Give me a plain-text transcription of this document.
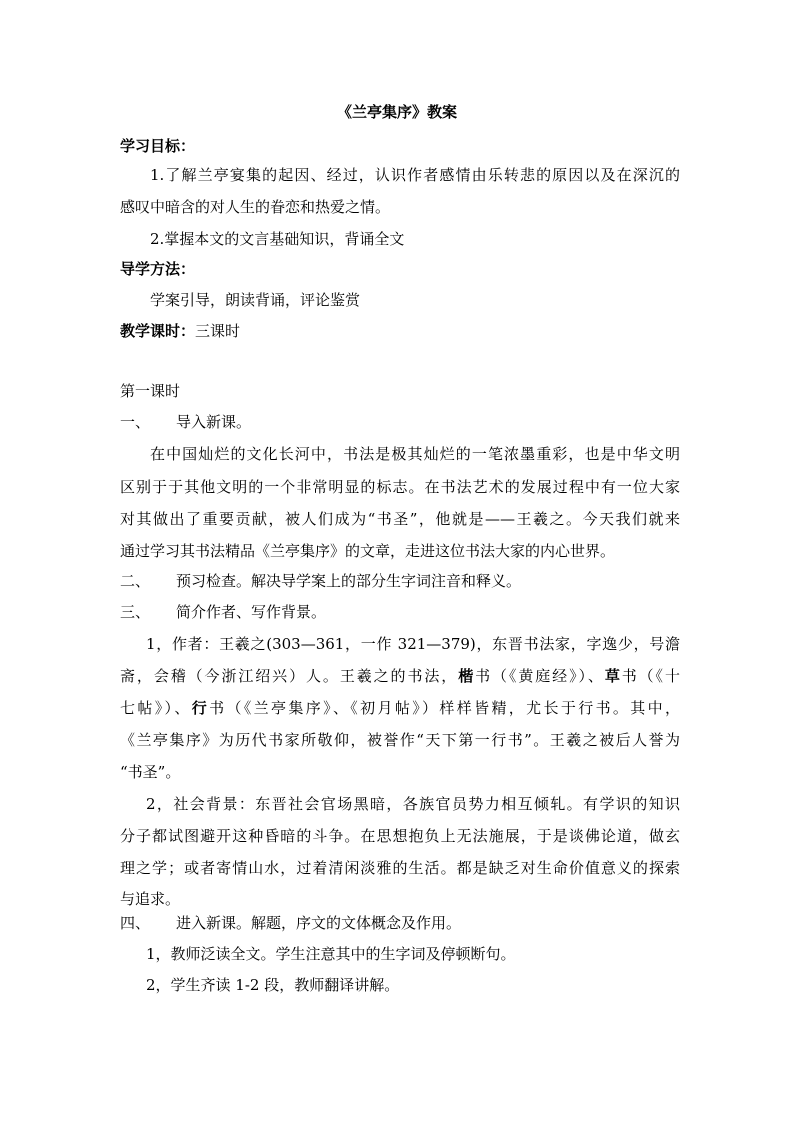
《兰亭集序》教案
学习目标：
1.了解兰亭宴集的起因、经过，认识作者感情由乐转悲的原因以及在深沉的
感叹中暗含的对人生的眷恋和热爱之情。
2.掌握本文的文言基础知识，背诵全文
导学方法：
学案引导，朗读背诵，评论鉴赏
教学课时：三课时
第一课时
一、 导入新课。
在中国灿烂的文化长河中，书法是极其灿烂的一笔浓墨重彩，也是中华文明
区别于于其他文明的一个非常明显的标志。在书法艺术的发展过程中有一位大家
对其做出了重要贡献，被人们成为“书圣”，他就是——王羲之。今天我们就来
通过学习其书法精品《兰亭集序》的文章，走进这位书法大家的内心世界。
二、 预习检查。解决导学案上的部分生字词注音和释义。
三、 简介作者、写作背景。
1，作者：王羲之(303—361，一作 321—379)，东晋书法家，字逸少，号澹
斋，会稽（今浙江绍兴）人。王羲之的书法，楷书（《黄庭经》）、草书（《十
七帖》）、行书（《兰亭集序》、《初月帖》）样样皆精，尤长于行书。其中，
《兰亭集序》为历代书家所敬仰，被誉作“天下第一行书”。王羲之被后人誉为
“书圣”。
2，社会背景：东晋社会官场黑暗，各族官员势力相互倾轧。有学识的知识
分子都试图避开这种昏暗的斗争。在思想抱负上无法施展，于是谈佛论道，做玄
理之学；或者寄情山水，过着清闲淡雅的生活。都是缺乏对生命价值意义的探索
与追求。
四、 进入新课。解题，序文的文体概念及作用。
1，教师泛读全文。学生注意其中的生字词及停顿断句。
2，学生齐读 1-2 段，教师翻译讲解。
